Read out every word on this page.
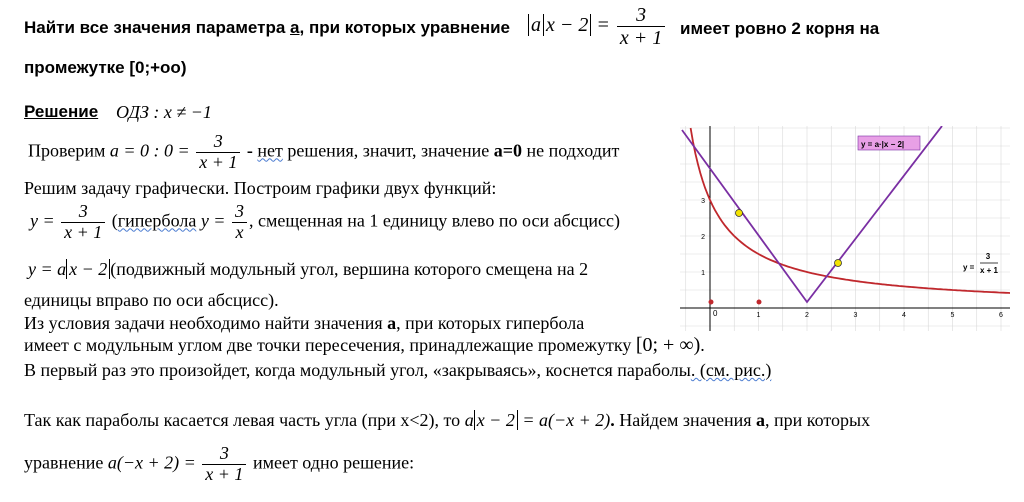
Найти все значения параметра а, при которых уравнение a $x - 2 = \frac{3}{x + 1}$ имеет ровно 2 корня на
промежутке [0;+oo)
Решение ОДЗ : x ≠ −1
Проверим a = 0 : $0 = \frac{3}{x + 1}$ - нет решения, значит, значение а=0 не подходит
Решим задачу графически. Построим графики двух функций:
$y = \frac{3}{x + 1}$ (гипербола $y = \frac{3}{x}$ , смещенная на 1 единицу влево по оси абсцисс)
y = a x − 2 (подвижный модульный угол, вершина которого смещена на 2
единицы вправо по оси абсцисс).
Из условия задачи необходимо найти значения а, при которых гипербола
имеет с модульным углом две точки пересечения, принадлежащие промежутку [0; + ∞).
В первый раз это произойдет, когда модульный угол, «закрываясь», коснется параболы. (см. рис.)
Так как параболы касается левая часть угла (при x<2), то a x − 2 = a(−x + 2). Найдем значения а, при которых
уравнение $a(-x + 2) = \frac{3}{x + 1}$ имеет одно решение:
0	1	2	3	4	5	6
1
2
3
y = a·|x − 2|
y =
3
x + 1
